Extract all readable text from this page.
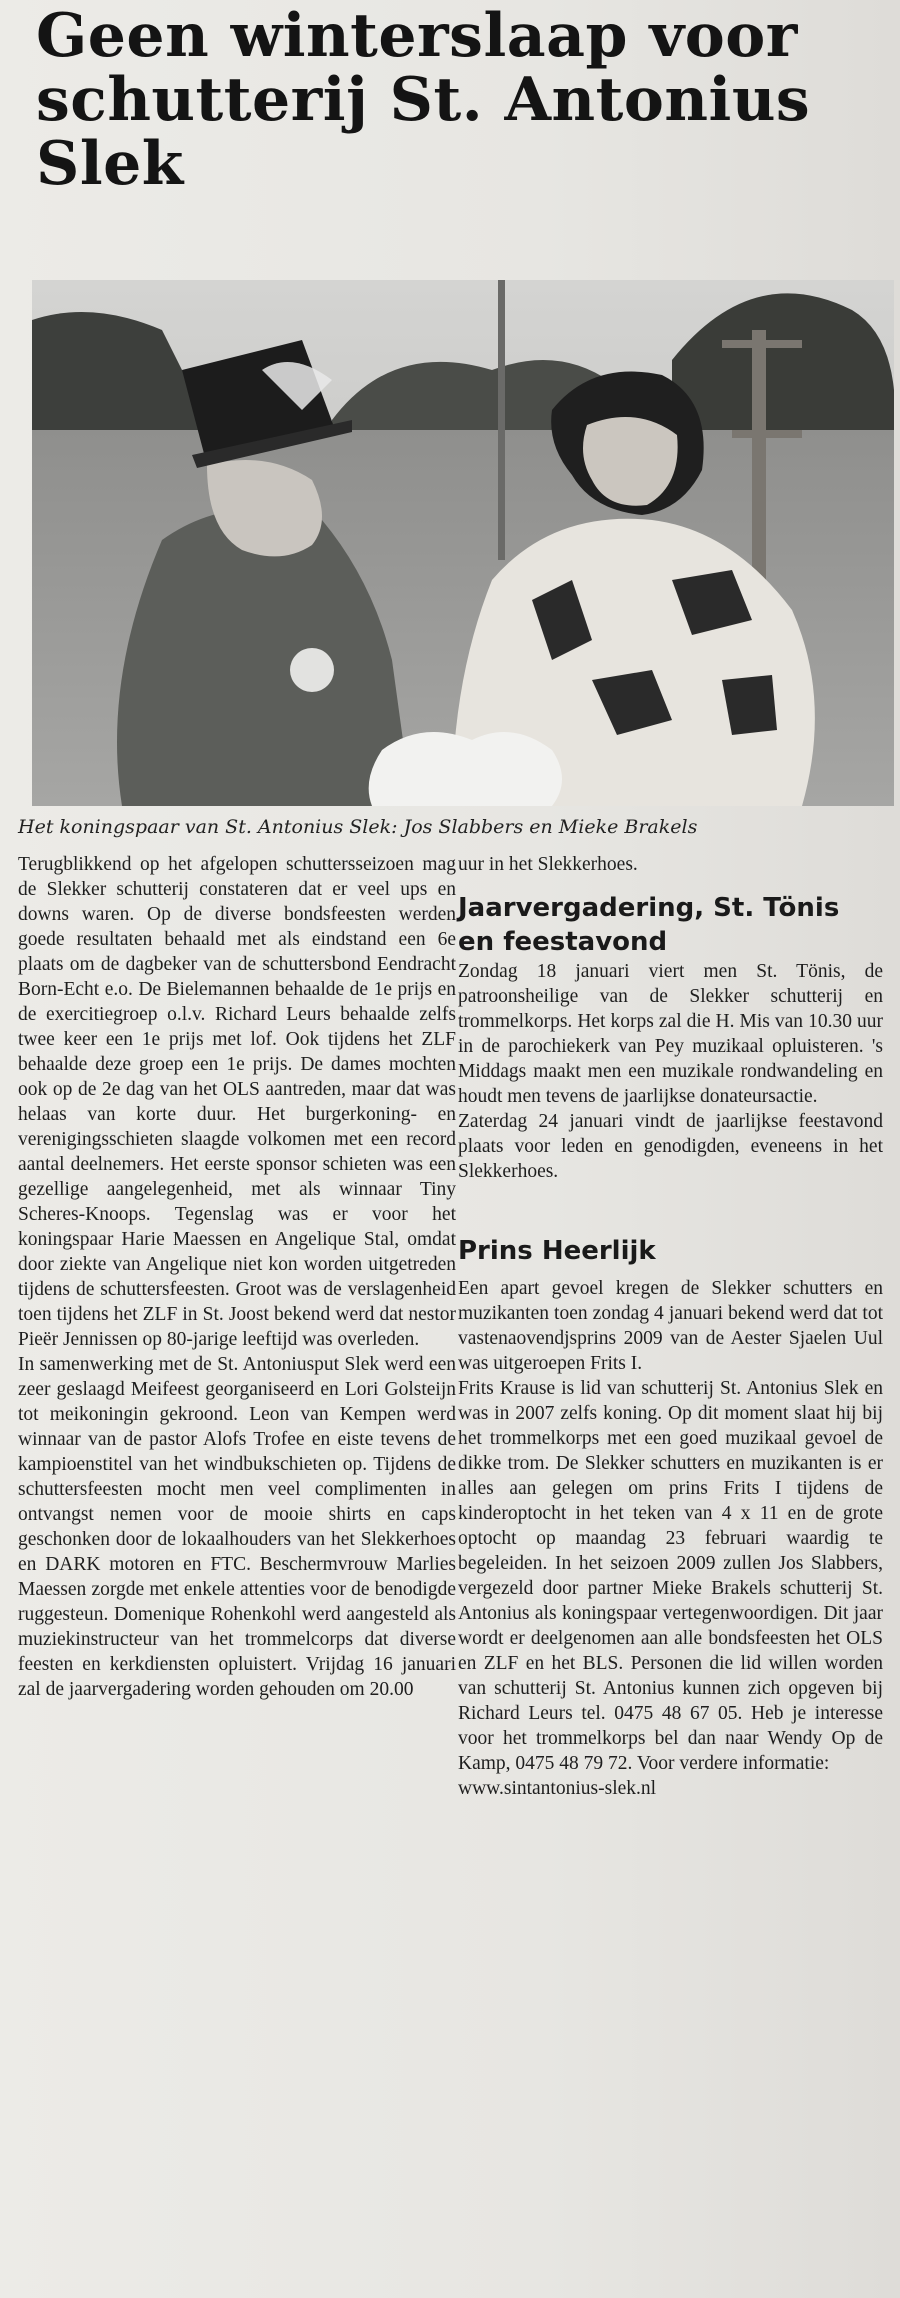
Geen winterslaap voor schutterij St. Antonius Slek
Het koningspaar van St. Antonius Slek: Jos Slabbers en Mieke Brakels

Terugblikkend op het afgelopen schuttersseizoen mag de Slekker schutterij constateren dat er veel ups en downs waren. Op de diverse bondsfeesten werden goede resultaten behaald met als eindstand een 6e plaats om de dagbeker van de schuttersbond Eendracht Born-Echt e.o. De Bielemannen behaalde de 1e prijs en de exercitiegroep o.l.v. Richard Leurs behaalde zelfs twee keer een 1e prijs met lof. Ook tijdens het ZLF behaalde deze groep een 1e prijs. De dames mochten ook op de 2e dag van het OLS aantreden, maar dat was helaas van korte duur. Het burgerkoning- en verenigingsschieten slaagde volkomen met een record aantal deelnemers. Het eerste sponsor schieten was een gezellige aangelegenheid, met als winnaar Tiny Scheres-Knoops. Tegenslag was er voor het koningspaar Harie Maessen en Angelique Stal, omdat door ziekte van Angelique niet kon worden uitgetreden tijdens de schuttersfeesten. Groot was de verslagenheid toen tijdens het ZLF in St. Joost bekend werd dat nestor Pieër Jennissen op 80-jarige leeftijd was overleden.

In samenwerking met de St. Antoniusput Slek werd een zeer geslaagd Meifeest georganiseerd en Lori Golsteijn tot meikoningin gekroond. Leon van Kempen werd winnaar van de pastor Alofs Trofee en eiste tevens de kampioenstitel van het windbukschieten op. Tijdens de schuttersfeesten mocht men veel complimenten in ontvangst nemen voor de mooie shirts en caps geschonken door de lokaalhouders van het Slekkerhoes en DARK motoren en FTC. Beschermvrouw Marlies Maessen zorgde met enkele attenties voor de benodigde ruggesteun. Domenique Rohenkohl werd aangesteld als muziekinstructeur van het trommelcorps dat diverse feesten en kerkdiensten opluistert. Vrijdag 16 januari zal de jaarvergadering worden gehouden om 20.00

uur in het Slekkerhoes.

Jaarvergadering, St. Tönis en feestavond

Zondag 18 januari viert men St. Tönis, de patroonsheilige van de Slekker schutterij en trommelkorps. Het korps zal die H. Mis van 10.30 uur in de parochiekerk van Pey muzikaal opluisteren. 's Middags maakt men een muzikale rondwandeling en houdt men tevens de jaarlijkse donateursactie.

Zaterdag 24 januari vindt de jaarlijkse feestavond plaats voor leden en genodigden, eveneens in het Slekkerhoes.

Prins Heerlijk

Een apart gevoel kregen de Slekker schutters en muzikanten toen zondag 4 januari bekend werd dat tot vastenaovendjsprins 2009 van de Aester Sjaelen Uul was uitgeroepen Frits I.

Frits Krause is lid van schutterij St. Antonius Slek en was in 2007 zelfs koning. Op dit moment slaat hij bij het trommelkorps met een goed muzikaal gevoel de dikke trom. De Slekker schutters en muzikanten is er alles aan gelegen om prins Frits I tijdens de kinderoptocht in het teken van 4 x 11 en de grote optocht op maandag 23 februari waardig te begeleiden. In het seizoen 2009 zullen Jos Slabbers, vergezeld door partner Mieke Brakels schutterij St. Antonius als koningspaar vertegenwoordigen. Dit jaar wordt er deelgenomen aan alle bondsfeesten het OLS en ZLF en het BLS. Personen die lid willen worden van schutterij St. Antonius kunnen zich opgeven bij Richard Leurs tel. 0475 48 67 05. Heb je interesse voor het trommelkorps bel dan naar Wendy Op de Kamp, 0475 48 79 72. Voor verdere informatie:

www.sintantonius-slek.nl
